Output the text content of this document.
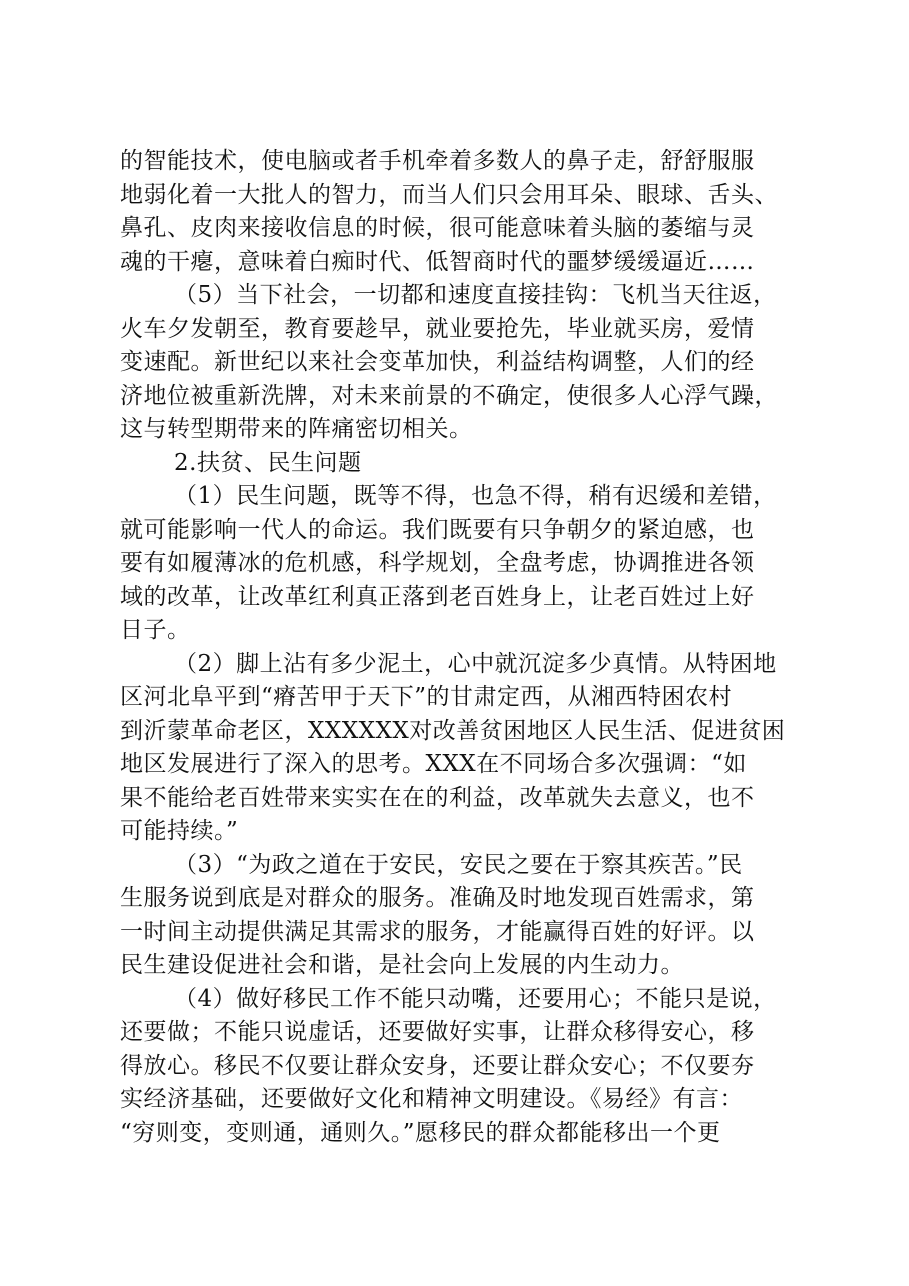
的智能技术，使电脑或者手机牵着多数人的鼻子走，舒舒服服
地弱化着一大批人的智力，而当人们只会用耳朵、眼球、舌头、
鼻孔、皮肉来接收信息的时候，很可能意味着头脑的萎缩与灵
魂的干瘪，意味着白痴时代、低智商时代的噩梦缓缓逼近……

（5）当下社会，一切都和速度直接挂钩：飞机当天往返，
火车夕发朝至，教育要趁早，就业要抢先，毕业就买房，爱情
变速配。新世纪以来社会变革加快，利益结构调整，人们的经
济地位被重新洗牌，对未来前景的不确定，使很多人心浮气躁，
这与转型期带来的阵痛密切相关。

2.扶贫、民生问题

（1）民生问题，既等不得，也急不得，稍有迟缓和差错，
就可能影响一代人的命运。我们既要有只争朝夕的紧迫感，也
要有如履薄冰的危机感，科学规划，全盘考虑，协调推进各领
域的改革，让改革红利真正落到老百姓身上，让老百姓过上好
日子。

（2）脚上沾有多少泥土，心中就沉淀多少真情。从特困地
区河北阜平到“瘠苦甲于天下”的甘肃定西，从湘西特困农村
到沂蒙革命老区，XXXXXX对改善贫困地区人民生活、促进贫困
地区发展进行了深入的思考。XXX在不同场合多次强调：“如
果不能给老百姓带来实实在在的利益，改革就失去意义，也不
可能持续。”

（3）“为政之道在于安民，安民之要在于察其疾苦。”民
生服务说到底是对群众的服务。准确及时地发现百姓需求，第
一时间主动提供满足其需求的服务，才能赢得百姓的好评。以
民生建设促进社会和谐，是社会向上发展的内生动力。

（4）做好移民工作不能只动嘴，还要用心；不能只是说，
还要做；不能只说虚话，还要做好实事，让群众移得安心，移
得放心。移民不仅要让群众安身，还要让群众安心；不仅要夯
实经济基础，还要做好文化和精神文明建设。《易经》有言：
“穷则变，变则通，通则久。”愿移民的群众都能移出一个更
